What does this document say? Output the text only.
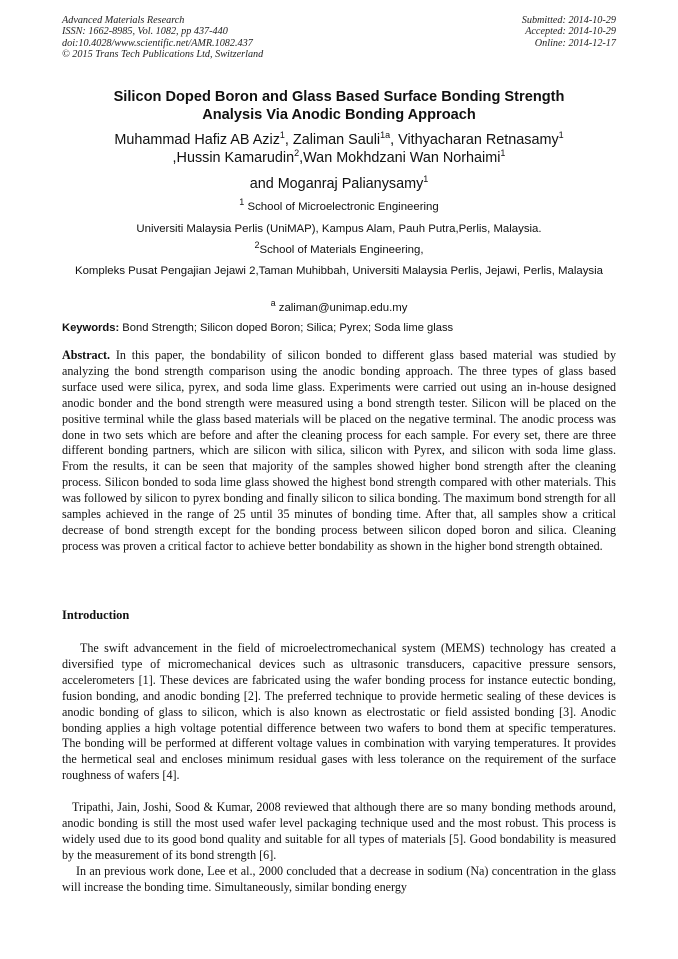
Advanced Materials Research
ISSN: 1662-8985, Vol. 1082, pp 437-440
doi:10.4028/www.scientific.net/AMR.1082.437
© 2015 Trans Tech Publications Ltd, Switzerland
Submitted: 2014-10-29
Accepted: 2014-10-29
Online: 2014-12-17
Silicon Doped Boron and Glass Based Surface Bonding Strength
Analysis Via Anodic Bonding Approach
Muhammad Hafiz AB Aziz$^1$, Zaliman Sauli$^{1a}$, Vithyacharan Retnasamy$^1$
,Hussin Kamarudin$^2$,Wan Mokhdzani Wan Norhaimi$^1$
and Moganraj Palianysamy$^1$
$^1$ School of Microelectronic Engineering
Universiti Malaysia Perlis (UniMAP), Kampus Alam, Pauh Putra,Perlis, Malaysia.
$^2$School of Materials Engineering,
Kompleks Pusat Pengajian Jejawi 2,Taman Muhibbah, Universiti Malaysia Perlis, Jejawi, Perlis, Malaysia
$^a$ zaliman@unimap.edu.my
Keywords: Bond Strength; Silicon doped Boron; Silica; Pyrex; Soda lime glass
Abstract. In this paper, the bondability of silicon bonded to different glass based material was studied by analyzing the bond strength comparison using the anodic bonding approach. The three types of glass based surface used were silica, pyrex, and soda lime glass. Experiments were carried out using an in-house designed anodic bonder and the bond strength were measured using a bond strength tester. Silicon will be placed on the positive terminal while the glass based materials will be placed on the negative terminal. The anodic process was done in two sets which are before and after the cleaning process for each sample. For every set, there are three different bonding partners, which are silicon with silica, silicon with Pyrex, and silicon with soda lime glass. From the results, it can be seen that majority of the samples showed higher bond strength after the cleaning process. Silicon bonded to soda lime glass showed the highest bond strength compared with other materials. This was followed by silicon to pyrex bonding and finally silicon to silica bonding. The maximum bond strength for all samples achieved in the range of 25 until 35 minutes of bonding time. After that, all samples show a critical decrease of bond strength except for the bonding process between silicon doped boron and silica. Cleaning process was proven a critical factor to achieve better bondability as shown in the higher bond strength obtained.
Introduction
The swift advancement in the field of microelectromechanical system (MEMS) technology has created a diversified type of micromechanical devices such as ultrasonic transducers, capacitive pressure sensors, accelerometers [1]. These devices are fabricated using the wafer bonding process for instance eutectic bonding, fusion bonding, and anodic bonding [2]. The preferred technique to provide hermetic sealing of these devices is anodic bonding of glass to silicon, which is also known as electrostatic or field assisted bonding [3]. Anodic bonding applies a high voltage potential difference between two wafers to bond them at specific temperatures. The bonding will be performed at different voltage values in combination with varying temperatures. It provides the hermetical seal and encloses minimum residual gases with less tolerance on the requirement of the surface roughness of wafers [4].
Tripathi, Jain, Joshi, Sood & Kumar, 2008 reviewed that although there are so many bonding methods around, anodic bonding is still the most used wafer level packaging technique used and the most robust. This process is widely used due to its good bond quality and suitable for all types of materials [5]. Good bondability is measured by the measurement of its bond strength [6].
In an previous work done, Lee et al., 2000 concluded that a decrease in sodium (Na) concentration in the glass will increase the bonding time. Simultaneously, similar bonding energy
